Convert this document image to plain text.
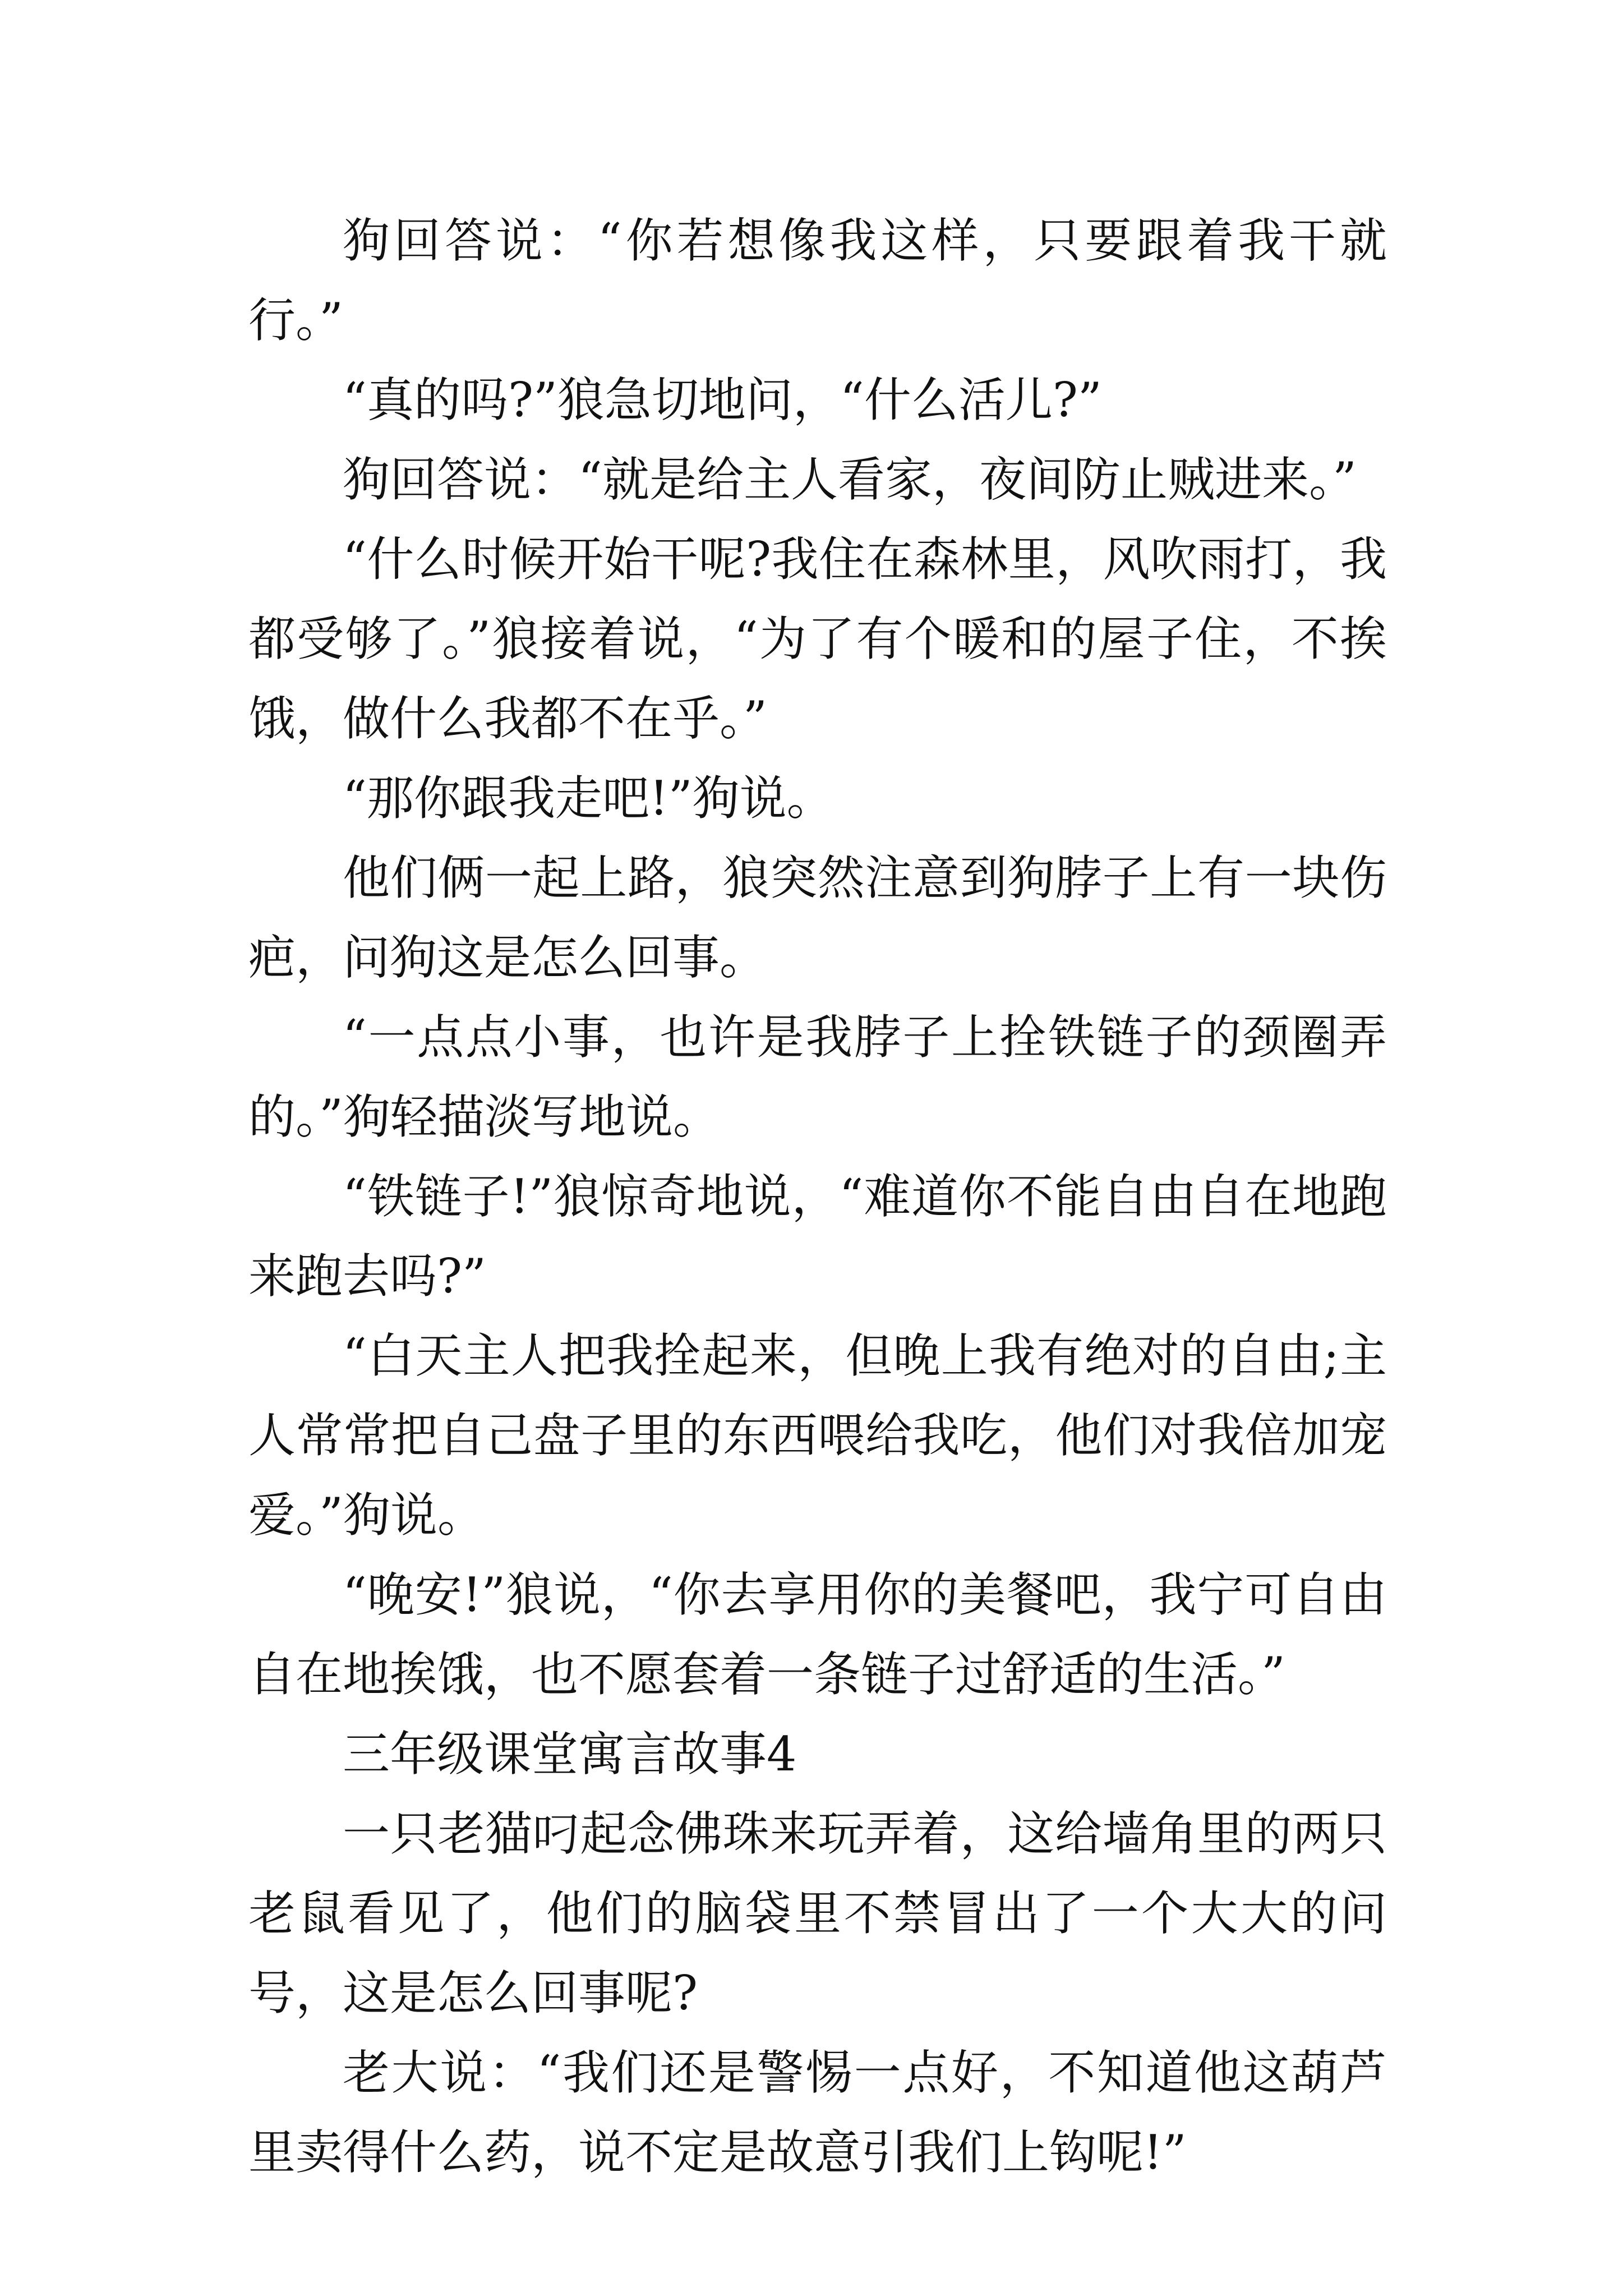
狗回答说：“你若想像我这样，只要跟着我干就行。”

“真的吗?”狼急切地问，“什么活儿?”

狗回答说：“就是给主人看家，夜间防止贼进来。”

“什么时候开始干呢?我住在森林里，风吹雨打，我都受够了。”狼接着说，“为了有个暖和的屋子住，不挨饿，做什么我都不在乎。”

“那你跟我走吧!”狗说。

他们俩一起上路，狼突然注意到狗脖子上有一块伤疤，问狗这是怎么回事。

“一点点小事，也许是我脖子上拴铁链子的颈圈弄的。”狗轻描淡写地说。

“铁链子!”狼惊奇地说，“难道你不能自由自在地跑来跑去吗?”

“白天主人把我拴起来，但晚上我有绝对的自由;主人常常把自己盘子里的东西喂给我吃，他们对我倍加宠爱。”狗说。

“晚安!”狼说，“你去享用你的美餐吧，我宁可自由自在地挨饿，也不愿套着一条链子过舒适的生活。”

三年级课堂寓言故事4

一只老猫叼起念佛珠来玩弄着，这给墙角里的两只老鼠看见了，他们的脑袋里不禁冒出了一个大大的问号，这是怎么回事呢?

老大说：“我们还是警惕一点好，不知道他这葫芦里卖得什么药，说不定是故意引我们上钩呢!”
